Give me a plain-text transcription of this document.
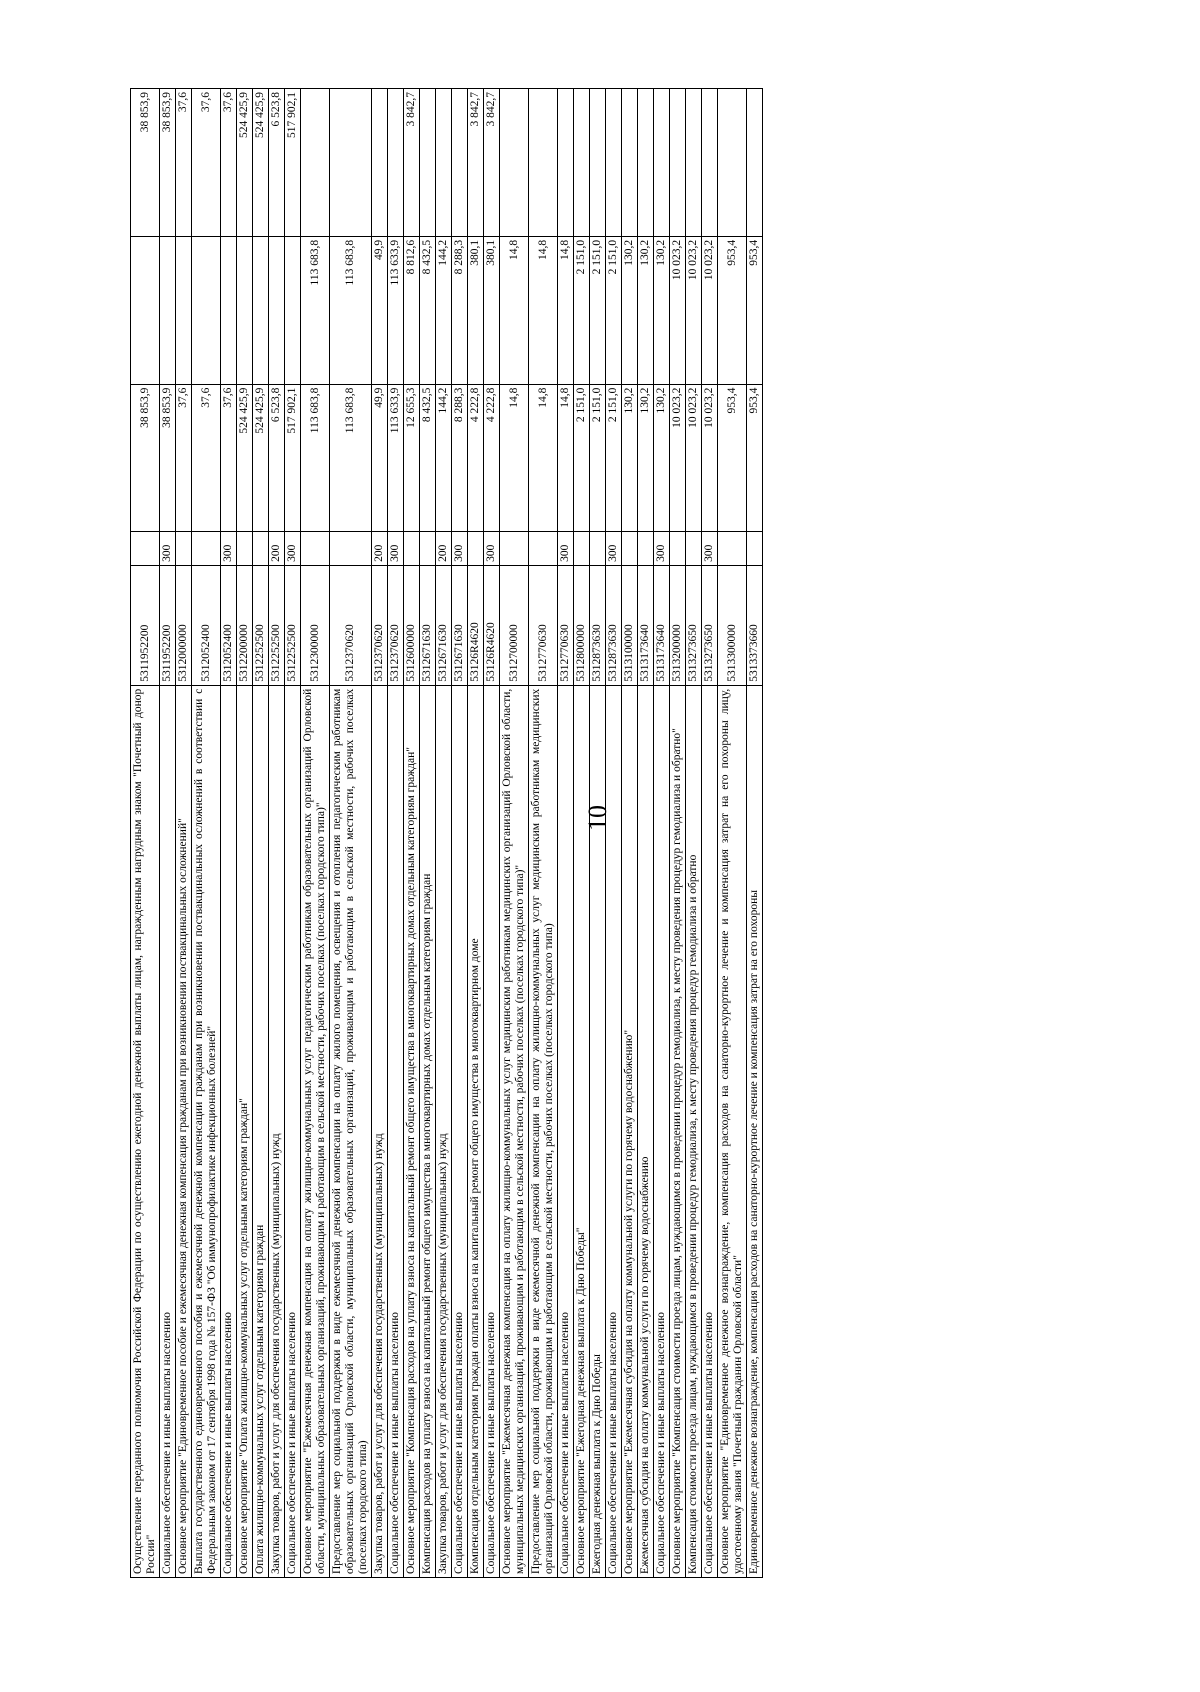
10
Осуществление переданного полномочия Российской Федерации по осуществлению ежегодной денежной выплаты лицам, награжденным нагрудным знаком "Почетный донор России"	5311952200		38 853,9		38 853,9
Социальное обеспечение и иные выплаты населению	5311952200	300	38 853,9		38 853,9
Основное мероприятие "Единовременное пособие и ежемесячная денежная компенсация гражданам при возникновении поствакцинальных осложнений"	5312000000		37,6		37,6
Выплата государственного единовременного пособия и ежемесячной денежной компенсации гражданам при возникновении поствакцинальных осложнений в соответствии с Федеральным законом от 17 сентября 1998 года № 157-ФЗ "Об иммунопрофилактике инфекционных болезней"	5312052400		37,6		37,6
Социальное обеспечение и иные выплаты населению	5312052400	300	37,6		37,6
Основное мероприятие "Оплата жилищно-коммунальных услуг отдельным категориям граждан"	5312200000		524 425,9		524 425,9
Оплата жилищно-коммунальных услуг отдельным категориям граждан	5312252500		524 425,9		524 425,9
Закупка товаров, работ и услуг для обеспечения государственных (муниципальных) нужд	5312252500	200	6 523,8		6 523,8
Социальное обеспечение и иные выплаты населению	5312252500	300	517 902,1		517 902,1
Основное мероприятие "Ежемесячная денежная компенсация на оплату жилищно-коммунальных услуг педагогическим работникам образовательных организаций Орловской области, муниципальных образовательных организаций, проживающим и работающим в сельской местности, рабочих поселках (поселках городского типа)"	5312300000		113 683,8	113 683,8	
Предоставление мер социальной поддержки в виде ежемесячной денежной компенсации на оплату жилого помещения, освещения и отопления педагогическим работникам образовательных организаций Орловской области, муниципальных образовательных организаций, проживающим и работающим в сельской местности, рабочих поселках (поселках городского типа)	5312370620		113 683,8	113 683,8	
Закупка товаров, работ и услуг для обеспечения государственных (муниципальных) нужд	5312370620	200	49,9	49,9	
Социальное обеспечение и иные выплаты населению	5312370620	300	113 633,9	113 633,9	
Основное мероприятие "Компенсация расходов на уплату взноса на капитальный ремонт общего имущества в многоквартирных домах отдельным категориям граждан"	5312600000		12 655,3	8 812,6	3 842,7
Компенсация расходов на уплату взноса на капитальный ремонт общего имущества в многоквартирных домах отдельным категориям граждан	5312671630		8 432,5	8 432,5	
Закупка товаров, работ и услуг для обеспечения государственных (муниципальных) нужд	5312671630	200	144,2	144,2	
Социальное обеспечение и иные выплаты населению	5312671630	300	8 288,3	8 288,3	
Компенсация отдельным категориям граждан оплаты взноса на капитальный ремонт общего имущества в многоквартирном доме	53126R4620		4 222,8	380,1	3 842,7
Социальное обеспечение и иные выплаты населению	53126R4620	300	4 222,8	380,1	3 842,7
Основное мероприятие "Ежемесячная денежная компенсация на оплату жилищно-коммунальных услуг медицинским работникам медицинских организаций Орловской области, муниципальных медицинских организаций, проживающим и работающим в сельской местности, рабочих поселках (поселках городского типа)"	5312700000		14,8	14,8	
Предоставление мер социальной поддержки в виде ежемесячной денежной компенсации на оплату жилищно-коммунальных услуг медицинским работникам медицинских организаций Орловской области, проживающим и работающим в сельской местности, рабочих поселках (поселках городского типа)	5312770630		14,8	14,8	
Социальное обеспечение и иные выплаты населению	5312770630	300	14,8	14,8	
Основное мероприятие "Ежегодная денежная выплата к Дню Победы"	5312800000		2 151,0	2 151,0	
Ежегодная денежная выплата к Дню Победы	5312873630		2 151,0	2 151,0	
Социальное обеспечение и иные выплаты населению	5312873630	300	2 151,0	2 151,0	
Основное мероприятие "Ежемесячная субсидия на оплату коммунальной услуги по горячему водоснабжению"	5313100000		130,2	130,2	
Ежемесячная субсидия на оплату коммунальной услуги по горячему водоснабжению	5313173640		130,2	130,2	
Социальное обеспечение и иные выплаты населению	5313173640	300	130,2	130,2	
Основное мероприятие "Компенсация стоимости проезда лицам, нуждающимся в проведении процедур гемодиализа, к месту проведения процедур гемодиализа и обратно"	5313200000		10 023,2	10 023,2	
Компенсация стоимости проезда лицам, нуждающимся в проведении процедур гемодиализа, к месту проведения процедур гемодиализа и обратно	5313273650		10 023,2	10 023,2	
Социальное обеспечение и иные выплаты населению	5313273650	300	10 023,2	10 023,2	
Основное мероприятие "Единовременное денежное вознаграждение, компенсация расходов на санаторно-курортное лечение и компенсация затрат на его похороны лицу, удостоенному звания "Почетный гражданин Орловской области"	5313300000		953,4	953,4	
Единовременное денежное вознаграждение, компенсация расходов на санаторно-курортное лечение и компенсация затрат на его похороны	5313373660		953,4	953,4	
